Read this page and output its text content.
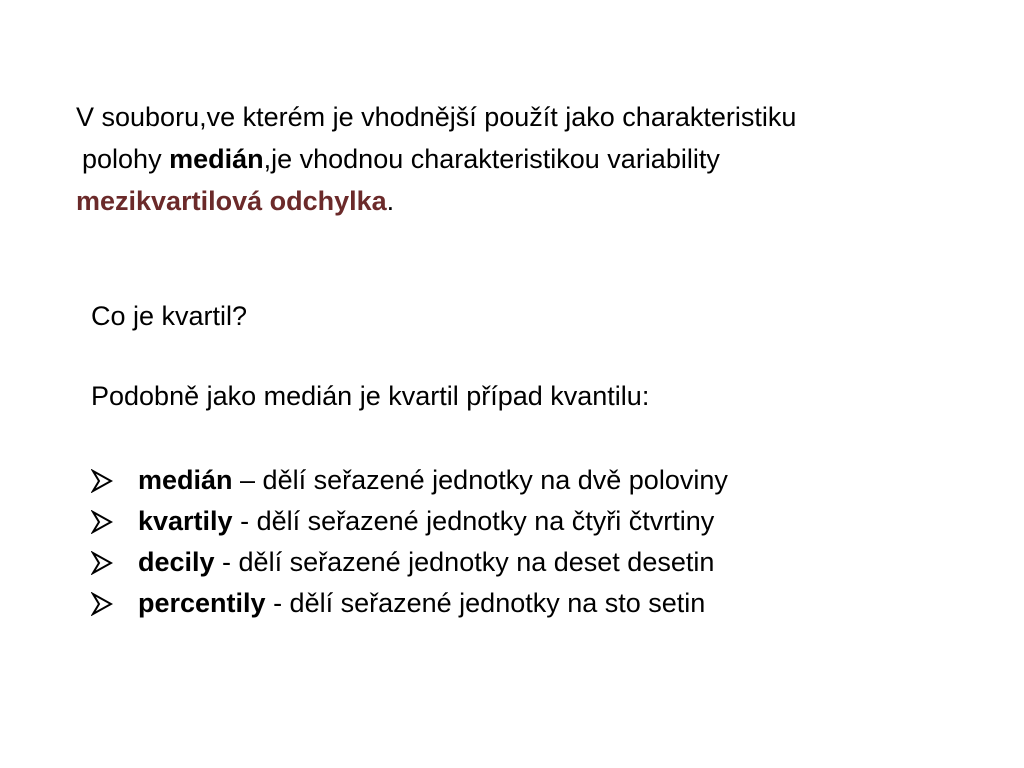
V souboru,ve kterém je vhodnější použít jako charakteristiku
polohy medián,je vhodnou charakteristikou variability
mezikvartilová odchylka.
Co je kvartil?
Podobně jako medián je kvartil případ kvantilu:
medián – dělí seřazené jednotky na dvě poloviny
kvartily - dělí seřazené jednotky na čtyři čtvrtiny
decily - dělí seřazené jednotky na deset desetin
percentily - dělí seřazené jednotky na sto setin
